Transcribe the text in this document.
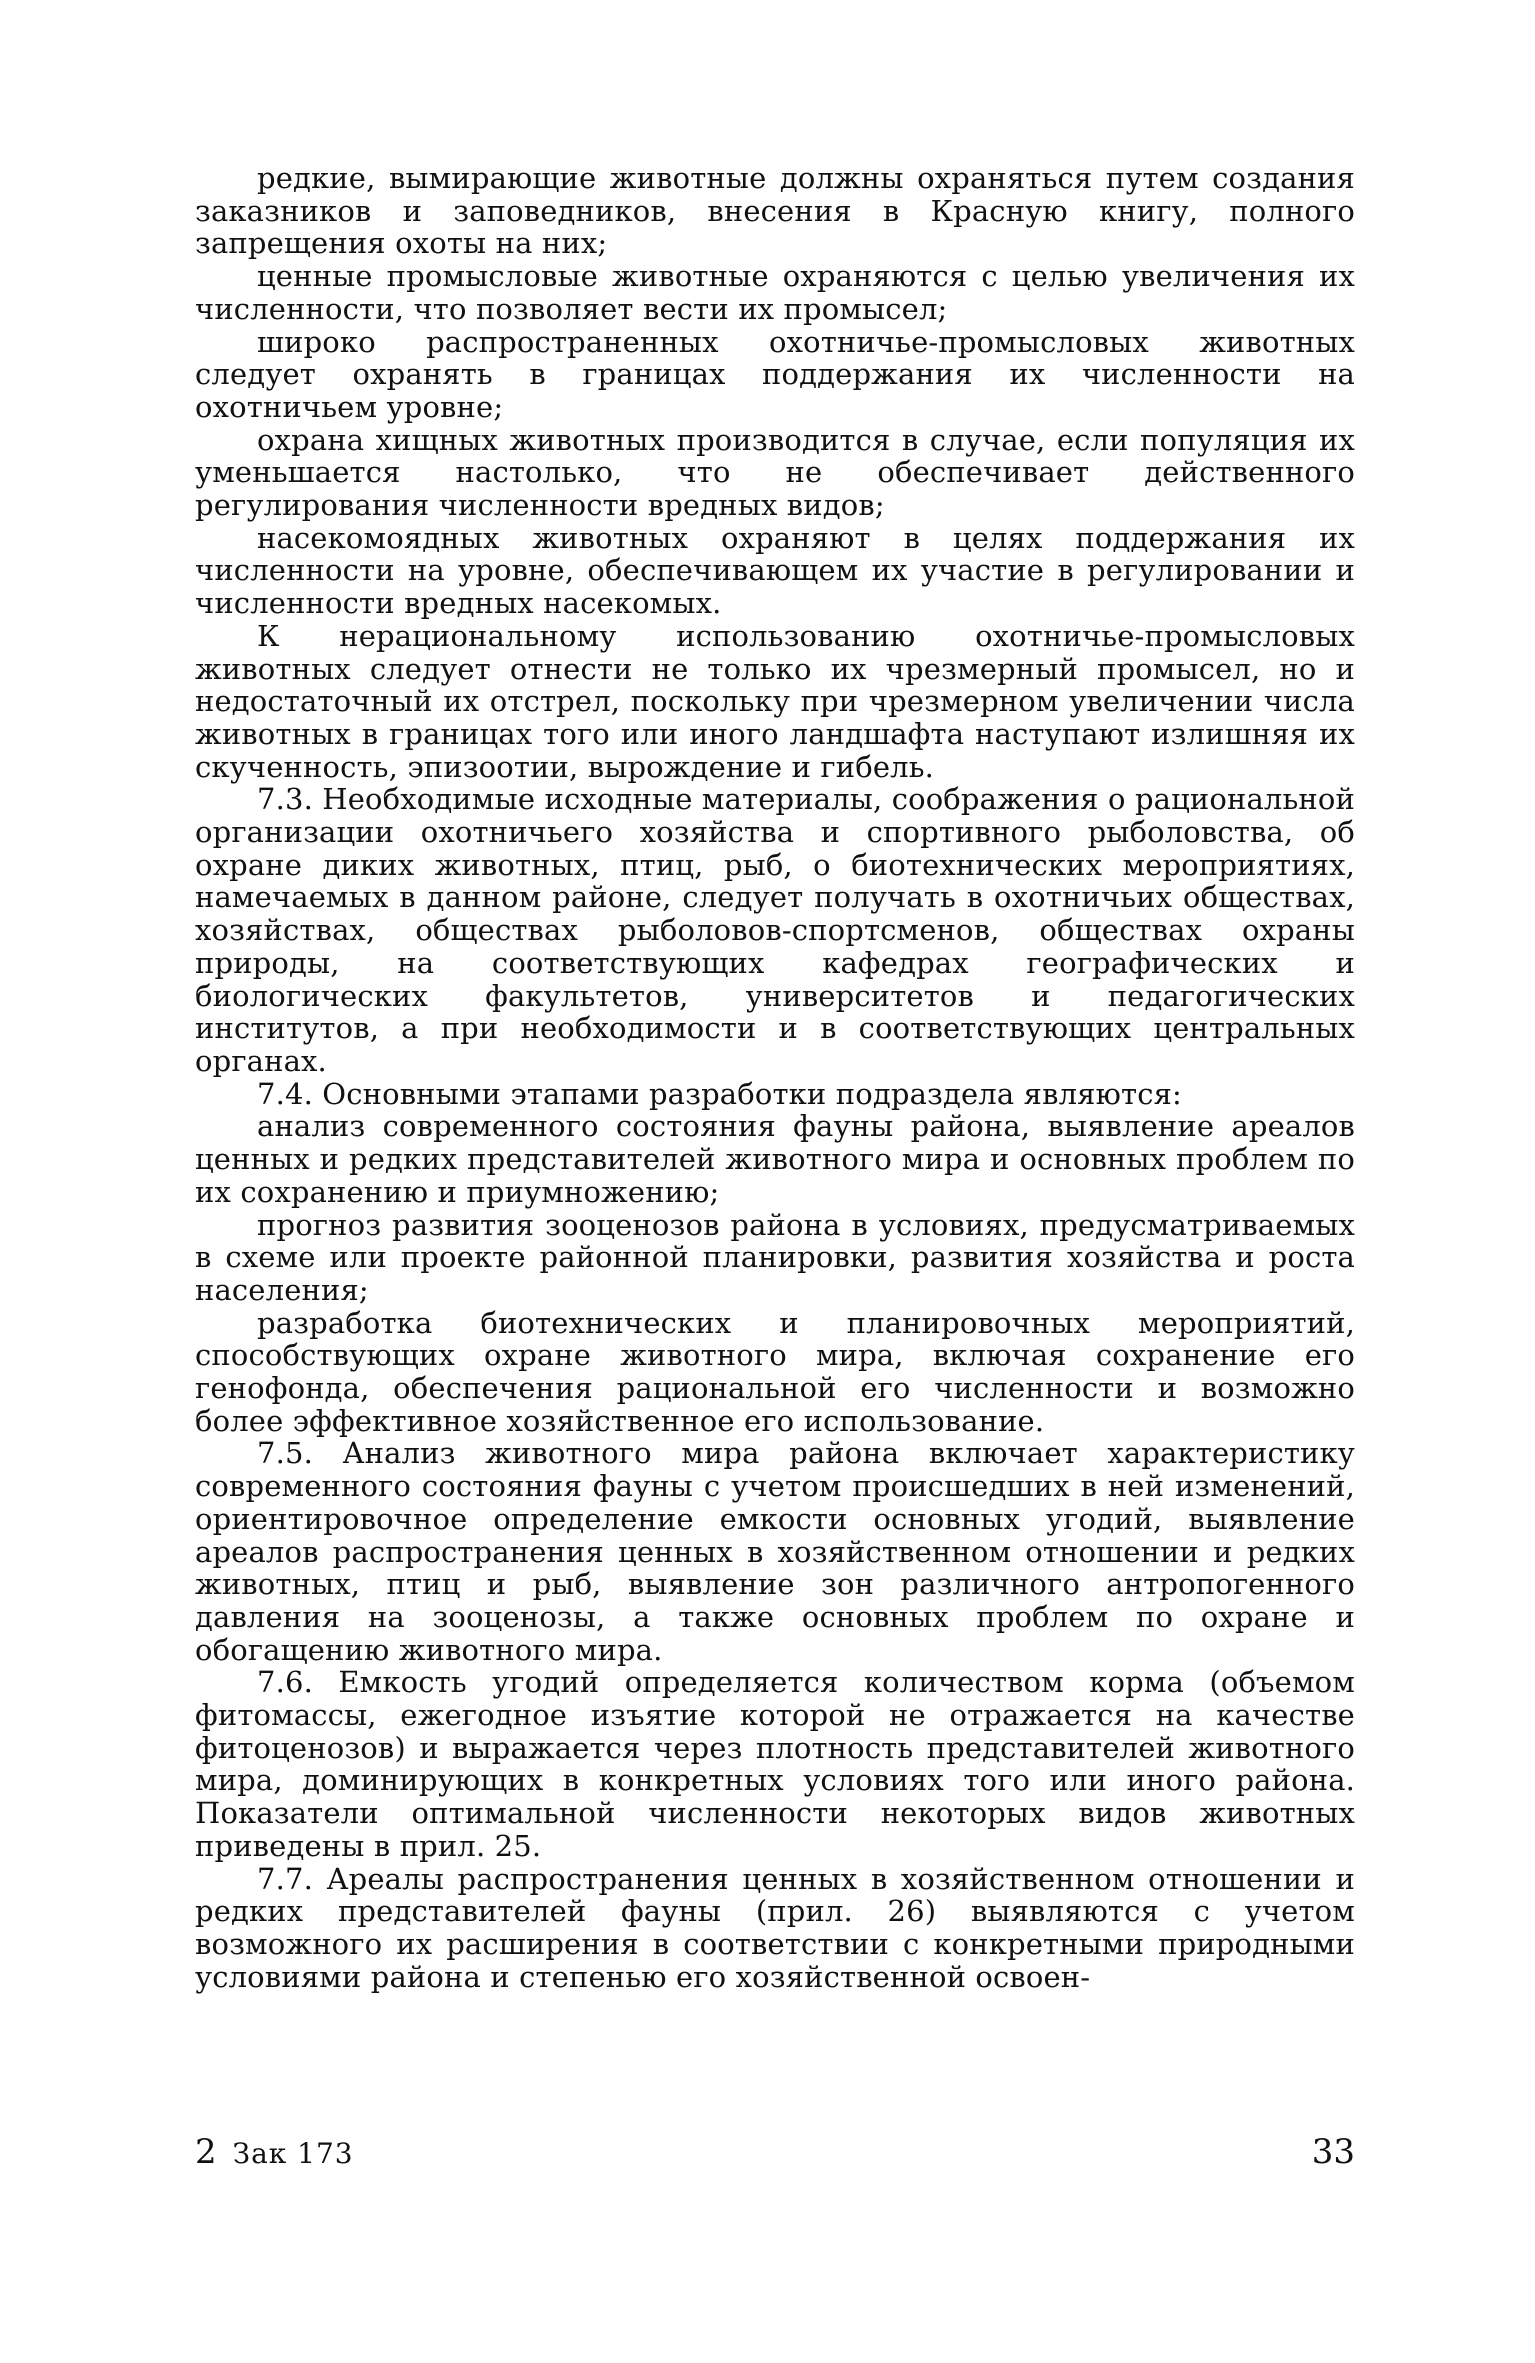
редкие, вымирающие животные должны охраняться путем создания заказников и заповедников, внесения в Красную книгу, полного запрещения охоты на них;

ценные промысловые животные охраняются с целью увеличения их численности, что позволяет вести их промысел;

широко распространенных охотничье-промысловых животных следует охранять в границах поддержания их численности на охотничьем уровне;

охрана хищных животных производится в случае, если популяция их уменьшается настолько, что не обеспечивает действенного регулирования численности вредных видов;

насекомоядных животных охраняют в целях поддержания их численности на уровне, обеспечивающем их участие в регулировании и численности вредных насекомых.

К нерациональному использованию охотничье-промысловых животных следует отнести не только их чрезмерный промысел, но и недостаточный их отстрел, поскольку при чрезмерном увеличении числа животных в границах того или иного ландшафта наступают излишняя их скученность, эпизоотии, вырождение и гибель.

7.3. Необходимые исходные материалы, соображения о рациональной организации охотничьего хозяйства и спортивного рыболовства, об охране диких животных, птиц, рыб, о биотехнических мероприятиях, намечаемых в данном районе, следует получать в охотничьих обществах, хозяйствах, обществах рыболовов-спортсменов, обществах охраны природы, на соответствующих кафедрах географических и биологических факультетов, университетов и педагогических институтов, а при необходимости и в соответствующих центральных органах.

7.4. Основными этапами разработки подраздела являются:

анализ современного состояния фауны района, выявление ареалов ценных и редких представителей животного мира и основных проблем по их сохранению и приумножению;

прогноз развития зооценозов района в условиях, предусматриваемых в схеме или проекте районной планировки, развития хозяйства и роста населения;

разработка биотехнических и планировочных мероприятий, способствующих охране животного мира, включая сохранение его генофонда, обеспечения рациональной его численности и возможно более эффективное хозяйственное его использование.

7.5. Анализ животного мира района включает характеристику современного состояния фауны с учетом происшедших в ней изменений, ориентировочное определение емкости основных угодий, выявление ареалов распространения ценных в хозяйственном отношении и редких животных, птиц и рыб, выявление зон различного антропогенного давления на зооценозы, а также основных проблем по охране и обогащению животного мира.

7.6. Емкость угодий определяется количеством корма (объемом фитомассы, ежегодное изъятие которой не отражается на качестве фитоценозов) и выражается через плотность представителей животного мира, доминирующих в конкретных условиях того или иного района. Показатели оптимальной численности некоторых видов животных приведены в прил. 25.

7.7. Ареалы распространения ценных в хозяйственном отношении и редких представителей фауны (прил. 26) выявляются с учетом возможного их расширения в соответствии с конкретными природными условиями района и степенью его хозяйственной освоен-

2 Зак 173	33
